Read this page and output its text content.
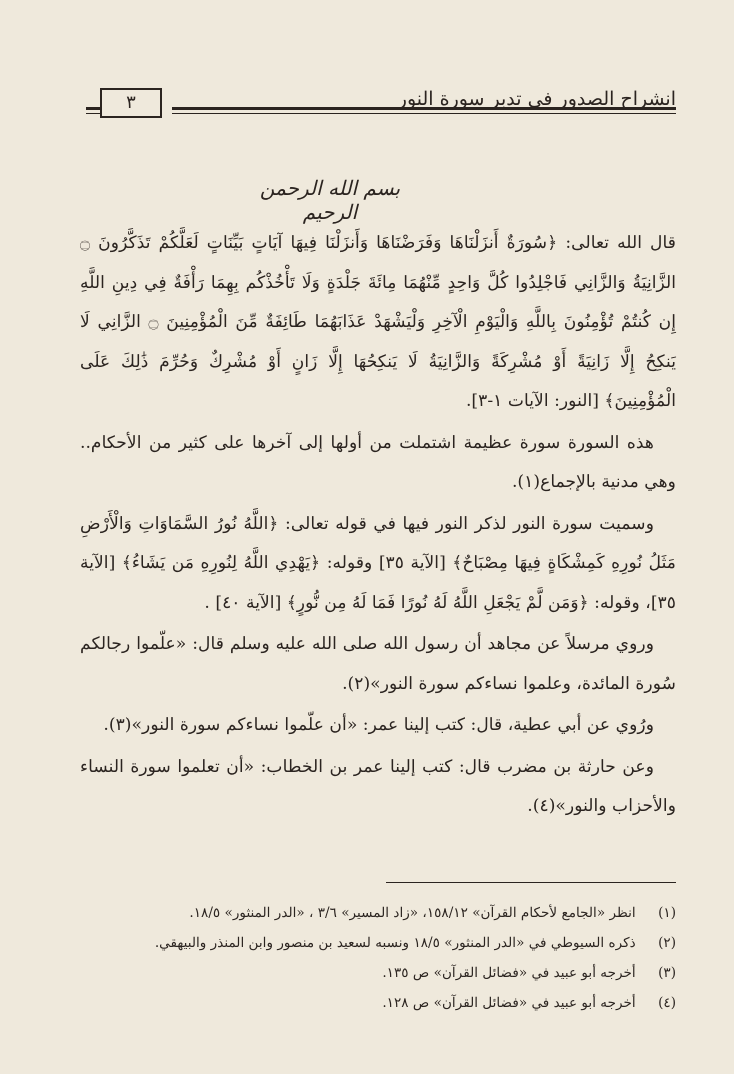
انشراح الصدور في تدبر سورة النور
٣
بسم الله الرحمن الرحيم

قال الله تعالى: ﴿سُورَةٌ أَنزَلْنَاهَا وَفَرَضْنَاهَا وَأَنزَلْنَا فِيهَا آيَاتٍ بَيِّنَاتٍ لَعَلَّكُمْ تَذَكَّرُونَ ۝ الزَّانِيَةُ وَالزَّانِي فَاجْلِدُوا كُلَّ وَاحِدٍ مِّنْهُمَا مِائَةَ جَلْدَةٍ وَلَا تَأْخُذْكُم بِهِمَا رَأْفَةٌ فِي دِينِ اللَّهِ إِن كُنتُمْ تُؤْمِنُونَ بِاللَّهِ وَالْيَوْمِ الْآخِرِ وَلْيَشْهَدْ عَذَابَهُمَا طَائِفَةٌ مِّنَ الْمُؤْمِنِينَ ۝ الزَّانِي لَا يَنكِحُ إِلَّا زَانِيَةً أَوْ مُشْرِكَةً وَالزَّانِيَةُ لَا يَنكِحُهَا إِلَّا زَانٍ أَوْ مُشْرِكٌ وَحُرِّمَ ذَٰلِكَ عَلَى الْمُؤْمِنِينَ﴾ [النور: الآيات ١-٣].

هذه السورة سورة عظيمة اشتملت من أولها إلى آخرها على كثير من الأحكام.. وهي مدنية بالإجماع(١).

وسميت سورة النور لذكر النور فيها في قوله تعالى: ﴿اللَّهُ نُورُ السَّمَاوَاتِ وَالْأَرْضِ مَثَلُ نُورِهِ كَمِشْكَاةٍ فِيهَا مِصْبَاحٌ﴾ [الآية ٣٥] وقوله: ﴿يَهْدِي اللَّهُ لِنُورِهِ مَن يَشَاءُ﴾ [الآية ٣٥]، وقوله: ﴿وَمَن لَّمْ يَجْعَلِ اللَّهُ لَهُ نُورًا فَمَا لَهُ مِن نُّورٍ﴾ [الآية ٤٠] .

وروي مرسلاً عن مجاهد أن رسول الله صلى الله عليه وسلم قال: «علّموا رجالكم سُورة المائدة، وعلموا نساءكم سورة النور»(٢).

ورُوي عن أبي عطية، قال: كتب إلينا عمر: «أن علّموا نساءكم سورة النور»(٣).

وعن حارثة بن مضرب قال: كتب إلينا عمر بن الخطاب: «أن تعلموا سورة النساء والأحزاب والنور»(٤).

(١) انظر «الجامع لأحكام القرآن» ١٥٨/١٢، «زاد المسير» ٣/٦ ، «الدر المنثور» ١٨/٥.
(٢) ذكره السيوطي في «الدر المنثور» ١٨/٥ ونسبه لسعيد بن منصور وابن المنذر والبيهقي.
(٣) أخرجه أبو عبيد في «فضائل القرآن» ص ١٣٥.
(٤) أخرجه أبو عبيد في «فضائل القرآن» ص ١٢٨.
